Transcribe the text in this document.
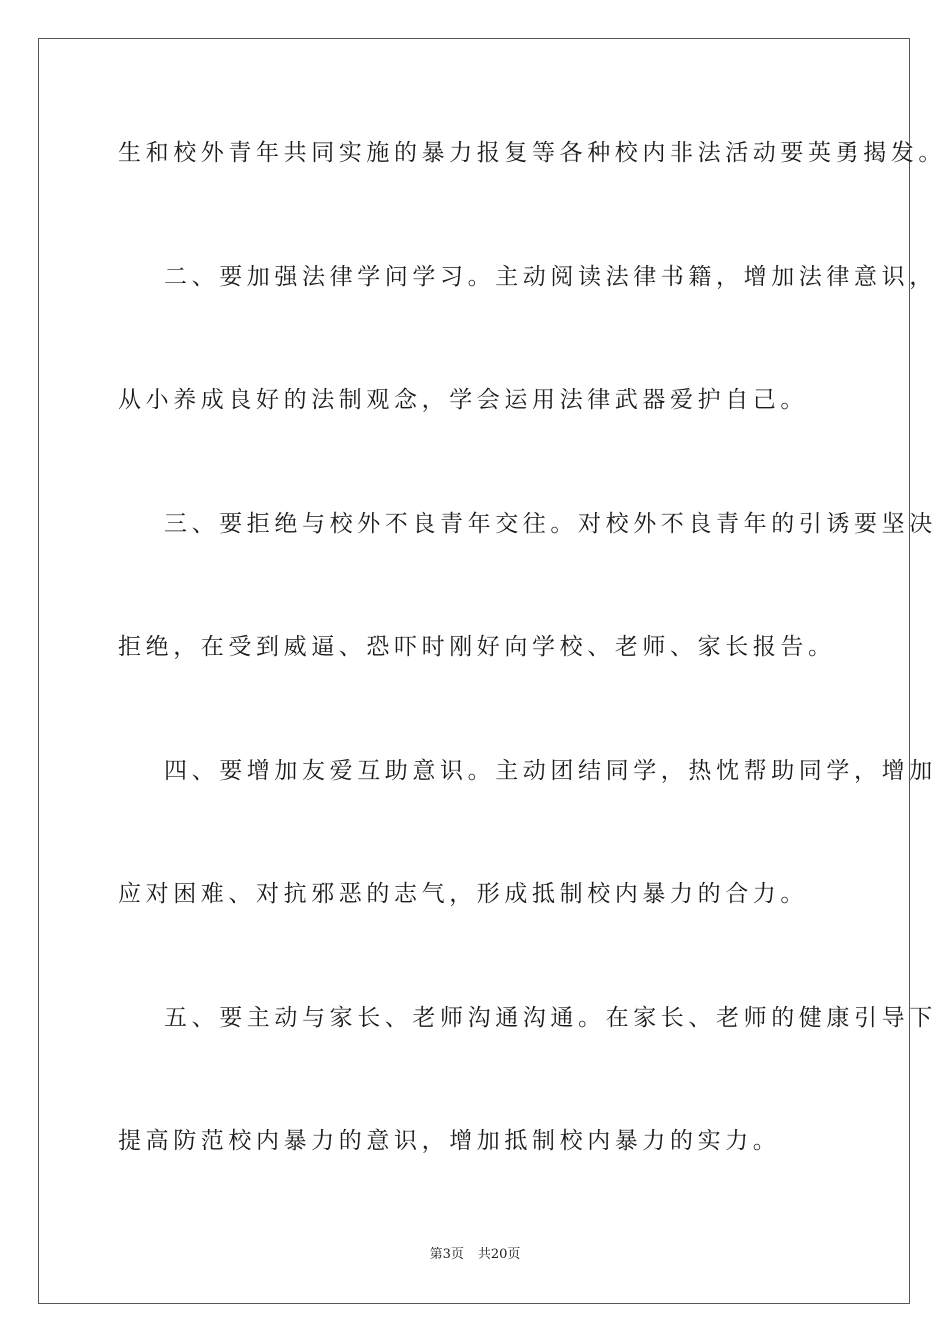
生和校外青年共同实施的暴力报复等各种校内非法活动要英勇揭发。
二、要加强法律学问学习。主动阅读法律书籍，增加法律意识，
从小养成良好的法制观念，学会运用法律武器爱护自己。
三、要拒绝与校外不良青年交往。对校外不良青年的引诱要坚决
拒绝，在受到威逼、恐吓时刚好向学校、老师、家长报告。
四、要增加友爱互助意识。主动团结同学，热忱帮助同学，增加
应对困难、对抗邪恶的志气，形成抵制校内暴力的合力。
五、要主动与家长、老师沟通沟通。在家长、老师的健康引导下
提高防范校内暴力的意识，增加抵制校内暴力的实力。
第3页 共20页
